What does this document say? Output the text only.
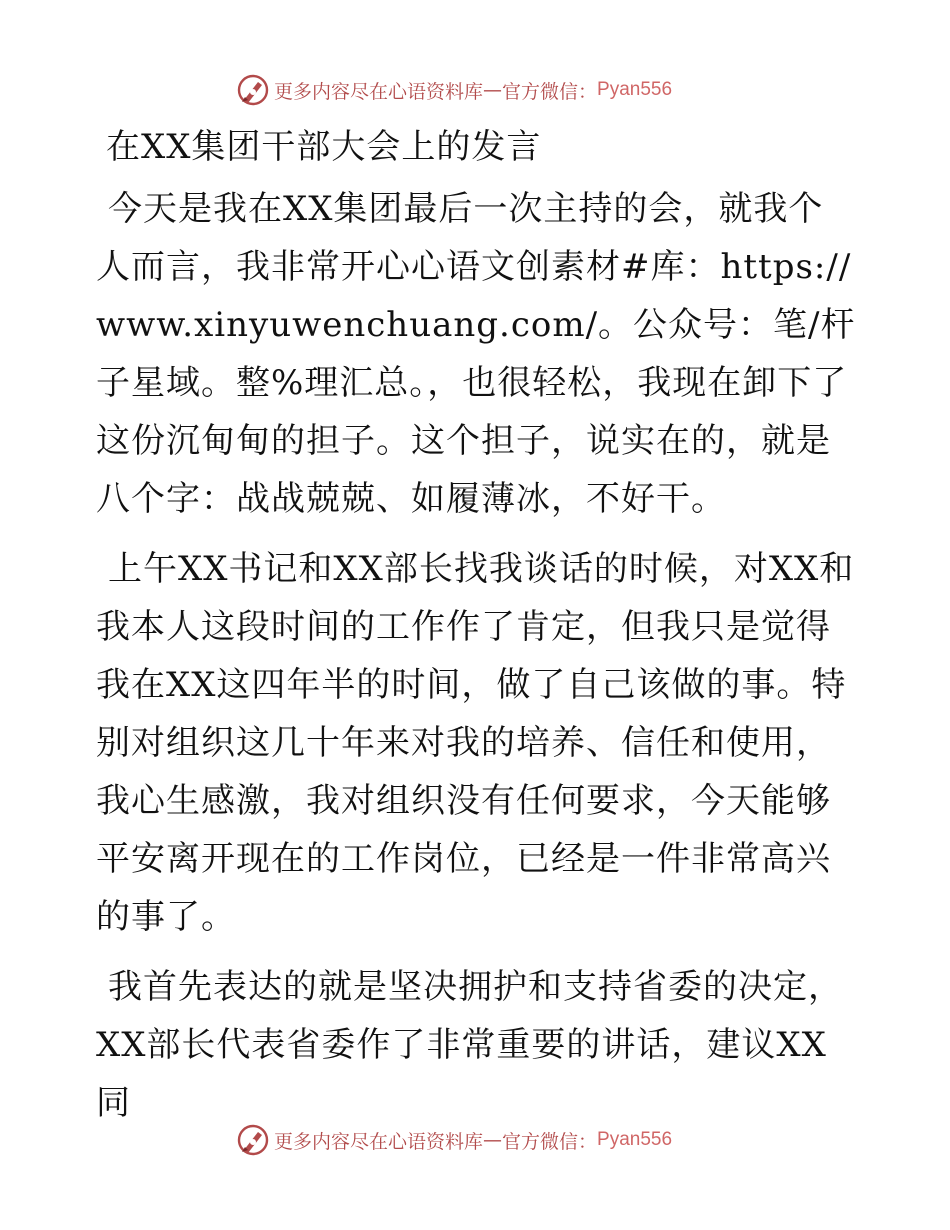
更多内容尽在心语资料库 — 官方微信： Pyan556
在XX集团干部大会上的发言

今天是我在XX集团最后一次主持的会，就我个人而言，我非常开心心语文创素材#库：https://www.xinyuwenchuang.com/。公众号：笔/杆子星域。整%理汇总。，也很轻松，我现在卸下了这份沉甸甸的担子。这个担子，说实在的，就是八个字：战战兢兢、如履薄冰，不好干。

上午XX书记和XX部长找我谈话的时候，对XX和我本人这段时间的工作作了肯定，但我只是觉得我在XX这四年半的时间，做了自己该做的事。特别对组织这几十年来对我的培养、信任和使用，我心生感激，我对组织没有任何要求，今天能够平安离开现在的工作岗位，已经是一件非常高兴的事了。

我首先表达的就是坚决拥护和支持省委的决定，XX部长代表省委作了非常重要的讲话，建议XX同

更多内容尽在心语资料库 — 官方微信： Pyan556
